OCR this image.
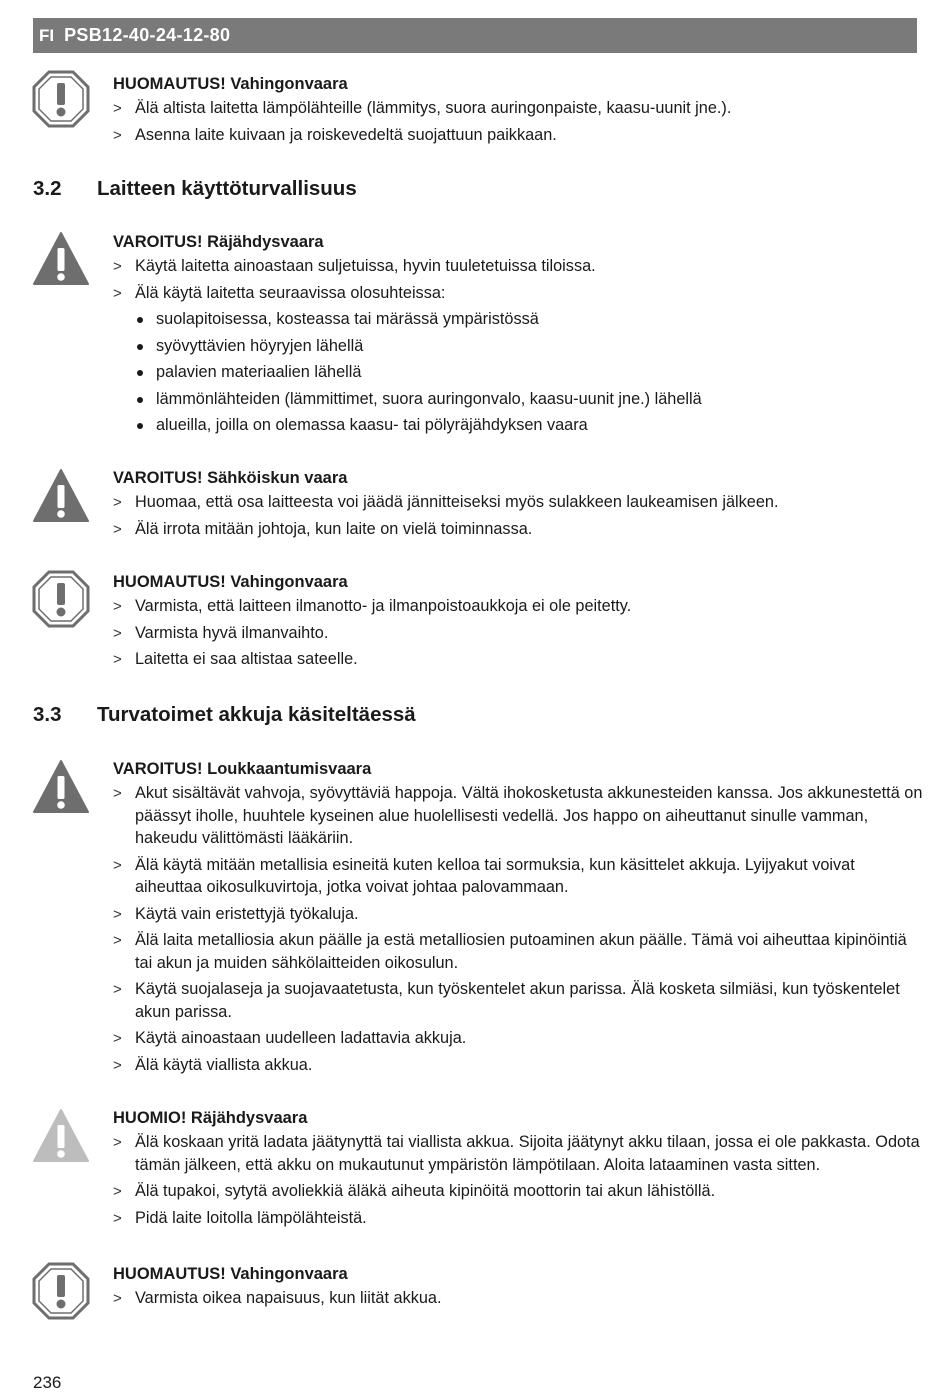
FI PSB12-40-24-12-80
HUOMAUTUS! Vahingonvaara
> Älä altista laitetta lämpölähteille (lämmitys, suora auringonpaiste, kaasu-uunit jne.).
> Asenna laite kuivaan ja roiskevedeltä suojattuun paikkaan.
3.2	Laitteen käyttöturvallisuus
VAROITUS! Räjähdysvaara
> Käytä laitetta ainoastaan suljetuissa, hyvin tuuletetuissa tiloissa.
> Älä käytä laitetta seuraavissa olosuhteissa:
suolapitoisessa, kosteassa tai märässä ympäristössä
syövyttävien höyryjen lähellä
palavien materiaalien lähellä
lämmönlähteiden (lämmittimet, suora auringonvalo, kaasu-uunit jne.) lähellä
alueilla, joilla on olemassa kaasu- tai pölyräjähdyksen vaara
VAROITUS! Sähköiskun vaara
> Huomaa, että osa laitteesta voi jäädä jännitteiseksi myös sulakkeen laukeamisen jälkeen.
> Älä irrota mitään johtoja, kun laite on vielä toiminnassa.
HUOMAUTUS! Vahingonvaara
> Varmista, että laitteen ilmanotto- ja ilmanpoistoaukkoja ei ole peitetty.
> Varmista hyvä ilmanvaihto.
> Laitetta ei saa altistaa sateelle.
3.3	Turvatoimet akkuja käsiteltäessä
VAROITUS! Loukkaantumisvaara
> Akut sisältävät vahvoja, syövyttäviä happoja. Vältä ihokosketusta akkunesteiden kanssa. Jos akkunestettä on päässyt iholle, huuhtele kyseinen alue huolellisesti vedellä. Jos happo on aiheuttanut sinulle vamman, hakeudu välittömästi lääkäriin.
> Älä käytä mitään metallisia esineitä kuten kelloa tai sormuksia, kun käsittelet akkuja. Lyijyakut voivat aiheuttaa oikosulkuvirtoja, jotka voivat johtaa palovammaan.
> Käytä vain eristettyjä työkaluja.
> Älä laita metalliosia akun päälle ja estä metalliosien putoaminen akun päälle. Tämä voi aiheuttaa kipinöintiä tai akun ja muiden sähkölaitteiden oikosulun.
> Käytä suojalaseja ja suojavaatetusta, kun työskentelet akun parissa. Älä kosketa silmiäsi, kun työskentelet akun parissa.
> Käytä ainoastaan uudelleen ladattavia akkuja.
> Älä käytä viallista akkua.
HUOMIO! Räjähdysvaara
> Älä koskaan yritä ladata jäätynyttä tai viallista akkua. Sijoita jäätynyt akku tilaan, jossa ei ole pakkasta. Odota tämän jälkeen, että akku on mukautunut ympäristön lämpötilaan. Aloita lataaminen vasta sitten.
> Älä tupakoi, sytytä avoliekkiä äläkä aiheuta kipinöitä moottorin tai akun lähistöllä.
> Pidä laite loitolla lämpölähteistä.
HUOMAUTUS! Vahingonvaara
> Varmista oikea napaisuus, kun liität akkua.
236
